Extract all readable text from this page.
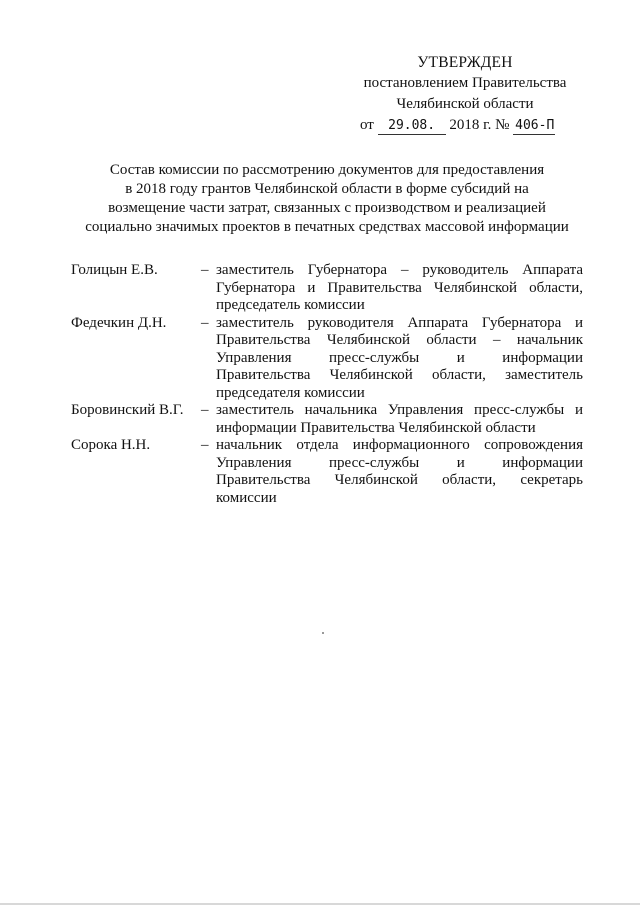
УТВЕРЖДЕН
постановлением Правительства
Челябинской области
от 29.08. 2018 г. № 406-П
Состав комиссии по рассмотрению документов для предоставления
в 2018 году грантов Челябинской области в форме субсидий на
возмещение части затрат, связанных с производством и реализацией
социально значимых проектов в печатных средствах массовой информации
Голицын Е.В.	– заместитель Губернатора – руководитель Аппарата
Губернатора и Правительства Челябинской области,
председатель комиссии
Федечкин Д.Н.	– заместитель руководителя Аппарата Губернатора и
Правительства Челябинской области – начальник
Управления пресс-службы и информации
Правительства Челябинской области, заместитель
председателя комиссии
Боровинский В.Г.	– заместитель начальника Управления пресс-службы и
информации Правительства Челябинской области
Сорока Н.Н.	– начальник отдела информационного сопровождения
Управления пресс-службы и информации
Правительства Челябинской области, секретарь
комиссии
